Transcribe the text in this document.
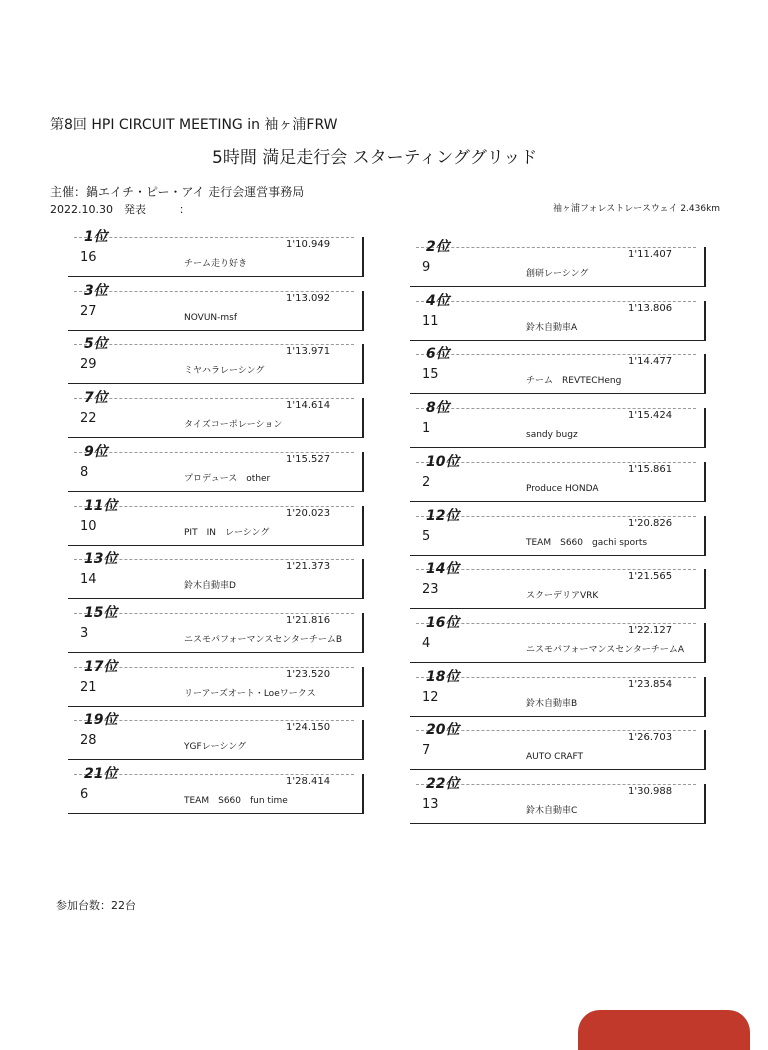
第8回 HPI CIRCUIT MEETING in 袖ヶ浦FRW
5時間 満足走行会 スターティンググリッド
主催：鍋エイチ・ピー・アイ 走行会運営事務局
2022.10.30　発表　　　：	袖ヶ浦フォレストレースウェイ 2.436km
1位	1'10.949
16	チーム走り好き
2位	1'11.407
9	創研レーシング
3位	1'13.092
27	NOVUN-msf
4位	1'13.806
11	鈴木自動車A
5位	1'13.971
29	ミヤハラレーシング
6位	1'14.477
15	チーム　REVTECHeng
7位	1'14.614
22	タイズコーポレーション
8位	1'15.424
1	sandy bugz
9位	1'15.527
8	プロデュース　other
10位	1'15.861
2	Produce HONDA
11位	1'20.023
10	PIT　IN　レーシング
12位	1'20.826
5	TEAM　S660　gachi sports
13位	1'21.373
14	鈴木自動車D
14位	1'21.565
23	スクーデリアVRK
15位	1'21.816
3	ニスモパフォーマンスセンターチームB
16位	1'22.127
4	ニスモパフォーマンスセンターチームA
17位	1'23.520
21	リーアーズオート・Loeワークス
18位	1'23.854
12	鈴木自動車B
19位	1'24.150
28	YGFレーシング
20位	1'26.703
7	AUTO CRAFT
21位	1'28.414
6	TEAM　S660　fun time
22位	1'30.988
13	鈴木自動車C
参加台数：22台
